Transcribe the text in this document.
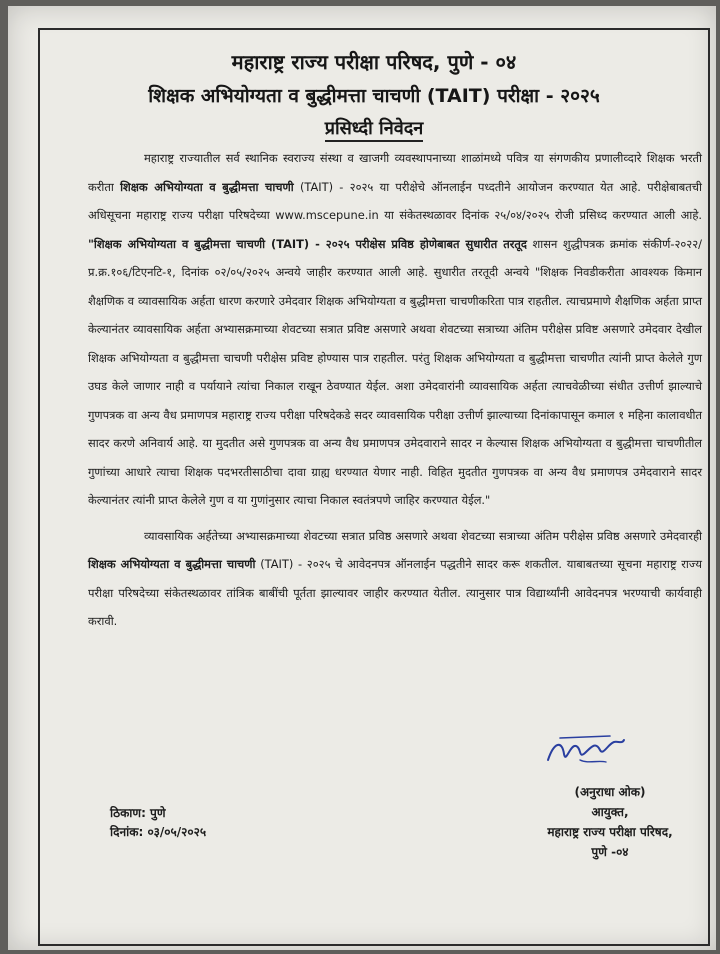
महाराष्ट्र राज्य परीक्षा परिषद, पुणे - ०४
शिक्षक अभियोग्यता व बुद्धीमत्ता चाचणी (TAIT) परीक्षा - २०२५
प्रसिध्दी निवेदन

महाराष्ट्र राज्यातील सर्व स्थानिक स्वराज्य संस्था व खाजगी व्यवस्थापनाच्या शाळांमध्ये पवित्र या संगणकीय प्रणालीव्दारे शिक्षक भरती करीता शिक्षक अभियोग्यता व बुद्धीमत्ता चाचणी (TAIT) - २०२५ या परीक्षेचे ऑनलाईन पध्दतीने आयोजन करण्यात येत आहे. परीक्षेबाबतची अधिसूचना महाराष्ट्र राज्य परीक्षा परिषदेच्या www.mscepune.in या संकेतस्थळावर दिनांक २५/०४/२०२५ रोजी प्रसिध्द करण्यात आली आहे. "शिक्षक अभियोग्यता व बुद्धीमत्ता चाचणी (TAIT) - २०२५ परीक्षेस प्रविष्ठ होणेबाबत सुधारीत तरतूद शासन शुद्धीपत्रक क्रमांक संकीर्ण-२०२२/प्र.क्र.१०६/टिएनटि-१, दिनांक ०२/०५/२०२५ अन्वये जाहीर करण्यात आली आहे. सुधारीत तरतूदी अन्वये "शिक्षक निवडीकरीता आवश्यक किमान शैक्षणिक व व्यावसायिक अर्हता धारण करणारे उमेदवार शिक्षक अभियोग्यता व बुद्धीमत्ता चाचणीकरिता पात्र राहतील. त्याचप्रमाणे शैक्षणिक अर्हता प्राप्त केल्यानंतर व्यावसायिक अर्हता अभ्यासक्रमाच्या शेवटच्या सत्रात प्रविष्ट असणारे अथवा शेवटच्या सत्राच्या अंतिम परीक्षेस प्रविष्ट असणारे उमेदवार देखील शिक्षक अभियोग्यता व बुद्धीमत्ता चाचणी परीक्षेस प्रविष्ट होण्यास पात्र राहतील. परंतु शिक्षक अभियोग्यता व बुद्धीमत्ता चाचणीत त्यांनी प्राप्त केलेले गुण उघड केले जाणार नाही व पर्यायाने त्यांचा निकाल राखून ठेवण्यात येईल. अशा उमेदवारांनी व्यावसायिक अर्हता त्याचवेळीच्या संधीत उत्तीर्ण झाल्याचे गुणपत्रक वा अन्य वैध प्रमाणपत्र महाराष्ट्र राज्य परीक्षा परिषदेकडे सदर व्यावसायिक परीक्षा उत्तीर्ण झाल्याच्या दिनांकापासून कमाल १ महिना कालावधीत सादर करणे अनिवार्य आहे. या मुदतीत असे गुणपत्रक वा अन्य वैध प्रमाणपत्र उमेदवाराने सादर न केल्यास शिक्षक अभियोग्यता व बुद्धीमत्ता चाचणीतील गुणांच्या आधारे त्याचा शिक्षक पदभरतीसाठीचा दावा ग्राह्य धरण्यात येणार नाही. विहित मुदतीत गुणपत्रक वा अन्य वैध प्रमाणपत्र उमेदवाराने सादर केल्यानंतर त्यांनी प्राप्त केलेले गुण व या गुणांनुसार त्याचा निकाल स्वतंत्रपणे जाहिर करण्यात येईल."

व्यावसायिक अर्हतेच्या अभ्यासक्रमाच्या शेवटच्या सत्रात प्रविष्ठ असणारे अथवा शेवटच्या सत्राच्या अंतिम परीक्षेस प्रविष्ठ असणारे उमेदवारही शिक्षक अभियोग्यता व बुद्धीमत्ता चाचणी (TAIT) - २०२५ चे आवेदनपत्र ऑनलाईन पद्धतीने सादर करू शकतील. याबाबतच्या सूचना महाराष्ट्र राज्य परीक्षा परिषदेच्या संकेतस्थळावर तांत्रिक बाबींची पूर्तता झाल्यावर जाहीर करण्यात येतील. त्यानुसार पात्र विद्यार्थ्यांनी आवेदनपत्र भरण्याची कार्यवाही करावी.

ठिकाण: पुणे
दिनांक: ०३/०५/२०२५
(अनुराधा ओक)
आयुक्त,
महाराष्ट्र राज्य परीक्षा परिषद,
पुणे -०४
